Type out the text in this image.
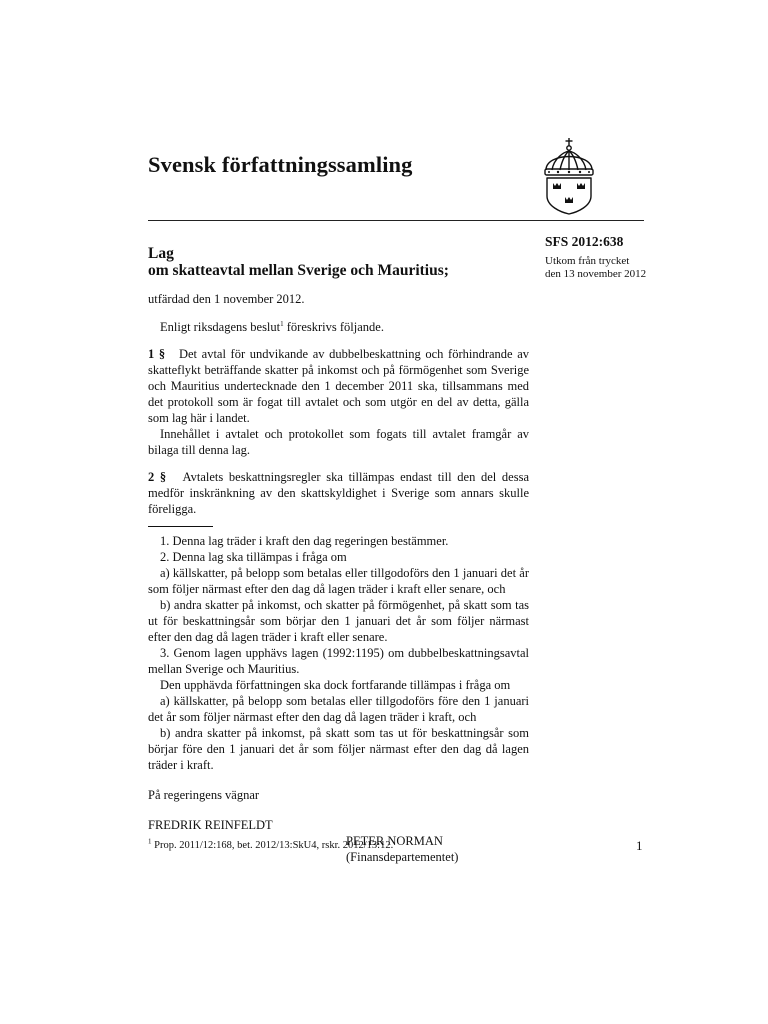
Svensk författningssamling
SFS 2012:638
Utkom från trycket
den 13 november 2012
Lag
om skatteavtal mellan Sverige och Mauritius;
utfärdad den 1 november 2012.

Enligt riksdagens beslut$^1$ föreskrivs följande.

1 § Det avtal för undvikande av dubbelbeskattning och förhindrande av skatteflykt beträffande skatter på inkomst och på förmögenhet som Sverige och Mauritius undertecknade den 1 december 2011 ska, tillsammans med det protokoll som är fogat till avtalet och som utgör en del av detta, gälla som lag här i landet.

Innehållet i avtalet och protokollet som fogats till avtalet framgår av bilaga till denna lag.

2 § Avtalets beskattningsregler ska tillämpas endast till den del dessa medför inskränkning av den skattskyldighet i Sverige som annars skulle föreligga.

1. Denna lag träder i kraft den dag regeringen bestämmer.

2. Denna lag ska tillämpas i fråga om

a) källskatter, på belopp som betalas eller tillgodoförs den 1 januari det år som följer närmast efter den dag då lagen träder i kraft eller senare, och

b) andra skatter på inkomst, och skatter på förmögenhet, på skatt som tas ut för beskattningsår som börjar den 1 januari det år som följer närmast efter den dag då lagen träder i kraft eller senare.

3. Genom lagen upphävs lagen (1992:1195) om dubbelbeskattningsavtal mellan Sverige och Mauritius.

Den upphävda författningen ska dock fortfarande tillämpas i fråga om

a) källskatter, på belopp som betalas eller tillgodoförs före den 1 januari det år som följer närmast efter den dag då lagen träder i kraft, och

b) andra skatter på inkomst, på skatt som tas ut för beskattningsår som börjar före den 1 januari det år som följer närmast efter den dag då lagen träder i kraft.

På regeringens vägnar

FREDRIK REINFELDT

PETER NORMAN

(Finansdepartementet)

$^1$ Prop. 2011/12:168, bet. 2012/13:SkU4, rskr. 2012/13:12.	1
